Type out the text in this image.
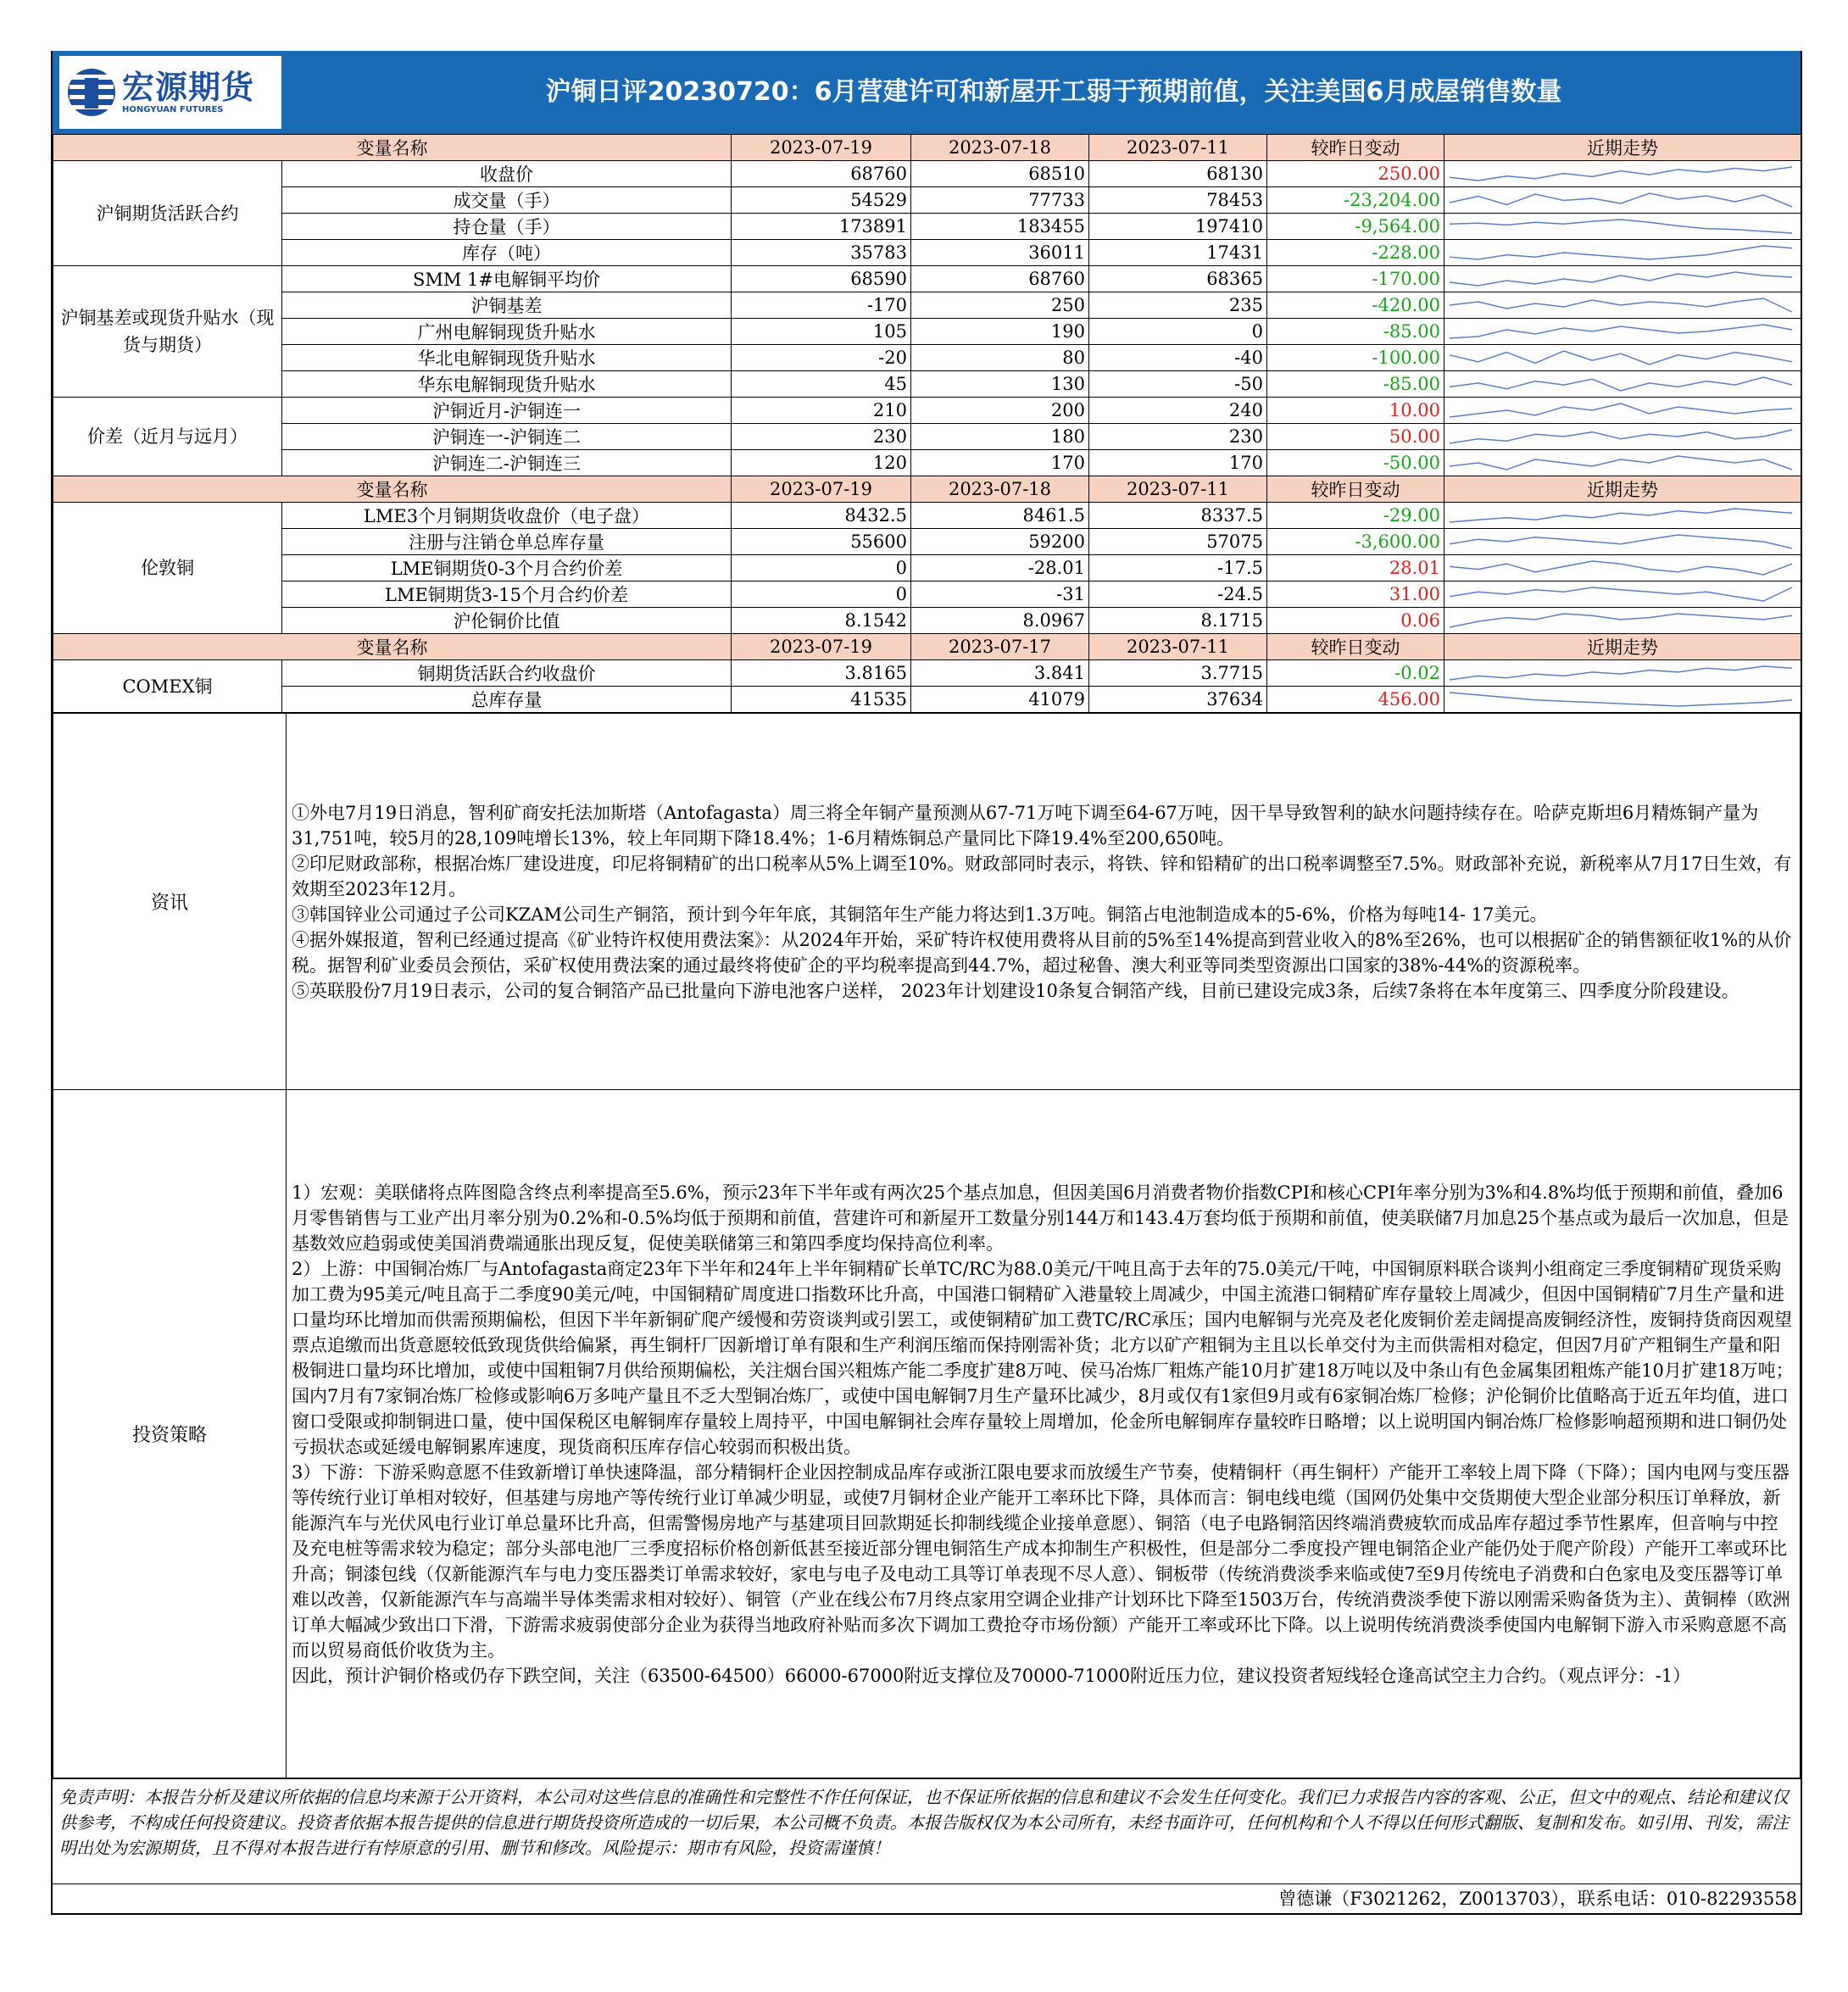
宏源期货
HONGYUAN FUTURES
沪铜日评20230720：6月营建许可和新屋开工弱于预期前值，关注美国6月成屋销售数量
变量名称		2023-07-19	2023-07-18	2023-07-11	较昨日变动	近期走势
沪铜期货活跃合约	收盘价	68760	68510	68130	250.00	

	成交量（手）	54529	77733	78453	-23,204.00	

	持仓量（手）	173891	183455	197410	-9,564.00	

	库存（吨）	35783	36011	17431	-228.00	

沪铜基差或现货升贴水（现货与期货）	SMM 1#电解铜平均价	68590	68760	68365	-170.00	

	沪铜基差	-170	250	235	-420.00	

	广州电解铜现货升贴水	105	190	0	-85.00	

	华北电解铜现货升贴水	-20	80	-40	-100.00	

	华东电解铜现货升贴水	45	130	-50	-85.00	

价差（近月与远月）	沪铜近月-沪铜连一	210	200	240	10.00	

	沪铜连一-沪铜连二	230	180	230	50.00	

	沪铜连二-沪铜连三	120	170	170	-50.00	

变量名称		2023-07-19	2023-07-18	2023-07-11	较昨日变动	近期走势
伦敦铜	LME3个月铜期货收盘价（电子盘）	8432.5	8461.5	8337.5	-29.00	

	注册与注销仓单总库存量	55600	59200	57075	-3,600.00	

	LME铜期货0-3个月合约价差	0	-28.01	-17.5	28.01	

	LME铜期货3-15个月合约价差	0	-31	-24.5	31.00	

	沪伦铜价比值	8.1542	8.0967	8.1715	0.06	

变量名称		2023-07-19	2023-07-17	2023-07-11	较昨日变动	近期走势
COMEX铜	铜期货活跃合约收盘价	3.8165	3.841	3.7715	-0.02	

	总库存量	41535	41079	37634	456.00	
资讯	①外电7月19日消息，智利矿商安托法加斯塔（Antofagasta）周三将全年铜产量预测从67-71万吨下调至64-67万吨，因干旱导致智利的缺水问题持续存在。哈萨克斯坦6月精炼铜产量为31,751吨，较5月的28,109吨增长13%，较上年同期下降18.4%；1-6月精炼铜总产量同比下降19.4%至200,650吨。
②印尼财政部称，根据冶炼厂建设进度，印尼将铜精矿的出口税率从5%上调至10%。财政部同时表示，将铁、锌和铅精矿的出口税率调整至7.5%。财政部补充说，新税率从7月17日生效，有效期至2023年12月。
③韩国锌业公司通过子公司KZAM公司生产铜箔，预计到今年年底，其铜箔年生产能力将达到1.3万吨。铜箔占电池制造成本的5-6%，价格为每吨14- 17美元。
④据外媒报道，智利已经通过提高《矿业特许权使用费法案》：从2024年开始，采矿特许权使用费将从目前的5%至14%提高到营业收入的8%至26%，也可以根据矿企的销售额征收1%的从价税。据智利矿业委员会预估，采矿权使用费法案的通过最终将使矿企的平均税率提高到44.7%，超过秘鲁、澳大利亚等同类型资源出口国家的38%-44%的资源税率。
⑤英联股份7月19日表示，公司的复合铜箔产品已批量向下游电池客户送样， 2023年计划建设10条复合铜箔产线，目前已建设完成3条，后续7条将在本年度第三、四季度分阶段建设。

投资策略	1）宏观：美联储将点阵图隐含终点利率提高至5.6%，预示23年下半年或有两次25个基点加息，但因美国6月消费者物价指数CPI和核心CPI年率分别为3%和4.8%均低于预期和前值，叠加6月零售销售与工业产出月率分别为0.2%和-0.5%均低于预期和前值，营建许可和新屋开工数量分别144万和143.4万套均低于预期和前值，使美联储7月加息25个基点或为最后一次加息，但是基数效应趋弱或使美国消费端通胀出现反复，促使美联储第三和第四季度均保持高位利率。
2）上游：中国铜冶炼厂与Antofagasta商定23年下半年和24年上半年铜精矿长单TC/RC为88.0美元/干吨且高于去年的75.0美元/干吨，中国铜原料联合谈判小组商定三季度铜精矿现货采购加工费为95美元/吨且高于二季度90美元/吨，中国铜精矿周度进口指数环比升高，中国港口铜精矿入港量较上周减少，中国主流港口铜精矿库存量较上周减少，但因中国铜精矿7月生产量和进口量均环比增加而供需预期偏松，但因下半年新铜矿爬产缓慢和劳资谈判或引罢工，或使铜精矿加工费TC/RC承压；国内电解铜与光亮及老化废铜价差走阔提高废铜经济性，废铜持货商因观望票点追缴而出货意愿较低致现货供给偏紧，再生铜杆厂因新增订单有限和生产利润压缩而保持刚需补货；北方以矿产粗铜为主且以长单交付为主而供需相对稳定，但因7月矿产粗铜生产量和阳极铜进口量均环比增加，或使中国粗铜7月供给预期偏松，关注烟台国兴粗炼产能二季度扩建8万吨、侯马冶炼厂粗炼产能10月扩建18万吨以及中条山有色金属集团粗炼产能10月扩建18万吨；国内7月有7家铜冶炼厂检修或影响6万多吨产量且不乏大型铜冶炼厂，或使中国电解铜7月生产量环比减少，8月或仅有1家但9月或有6家铜冶炼厂检修；沪伦铜价比值略高于近五年均值，进口窗口受限或抑制铜进口量，使中国保税区电解铜库存量较上周持平，中国电解铜社会库存量较上周增加，伦金所电解铜库存量较昨日略增；以上说明国内铜冶炼厂检修影响超预期和进口铜仍处亏损状态或延缓电解铜累库速度，现货商积压库存信心较弱而积极出货。
3）下游：下游采购意愿不佳致新增订单快速降温，部分精铜杆企业因控制成品库存或浙江限电要求而放缓生产节奏，使精铜杆（再生铜杆）产能开工率较上周下降（下降）；国内电网与变压器等传统行业订单相对较好，但基建与房地产等传统行业订单减少明显，或使7月铜材企业产能开工率环比下降，具体而言：铜电线电缆（国网仍处集中交货期使大型企业部分积压订单释放，新能源汽车与光伏风电行业订单总量环比升高，但需警惕房地产与基建项目回款期延长抑制线缆企业接单意愿）、铜箔（电子电路铜箔因终端消费疲软而成品库存超过季节性累库，但音响与中控及充电桩等需求较为稳定；部分头部电池厂三季度招标价格创新低甚至接近部分锂电铜箔生产成本抑制生产积极性，但是部分二季度投产锂电铜箔企业产能仍处于爬产阶段）产能开工率或环比升高；铜漆包线（仅新能源汽车与电力变压器类订单需求较好，家电与电子及电动工具等订单表现不尽人意）、铜板带（传统消费淡季来临或使7至9月传统电子消费和白色家电及变压器等订单难以改善，仅新能源汽车与高端半导体类需求相对较好）、铜管（产业在线公布7月终点家用空调企业排产计划环比下降至1503万台，传统消费淡季使下游以刚需采购备货为主）、黄铜棒（欧洲订单大幅减少致出口下滑，下游需求疲弱使部分企业为获得当地政府补贴而多次下调加工费抢夺市场份额）产能开工率或环比下降。以上说明传统消费淡季使国内电解铜下游入市采购意愿不高而以贸易商低价收货为主。
因此，预计沪铜价格或仍存下跌空间，关注（63500-64500）66000-67000附近支撑位及70000-71000附近压力位，建议投资者短线轻仓逢高试空主力合约。（观点评分：-1）
免责声明：本报告分析及建议所依据的信息均来源于公开资料，本公司对这些信息的准确性和完整性不作任何保证，也不保证所依据的信息和建议不会发生任何变化。我们已力求报告内容的客观、公正，但文中的观点、结论和建议仅供参考，不构成任何投资建议。投资者依据本报告提供的信息进行期货投资所造成的一切后果，本公司概不负责。本报告版权仅为本公司所有，未经书面许可，任何机构和个人不得以任何形式翻版、复制和发布。如引用、刊发，需注明出处为宏源期货，且不得对本报告进行有悖原意的引用、删节和修改。风险提示：期市有风险，投资需谨慎！
曾德谦（F3021262，Z0013703），联系电话：010-82293558
